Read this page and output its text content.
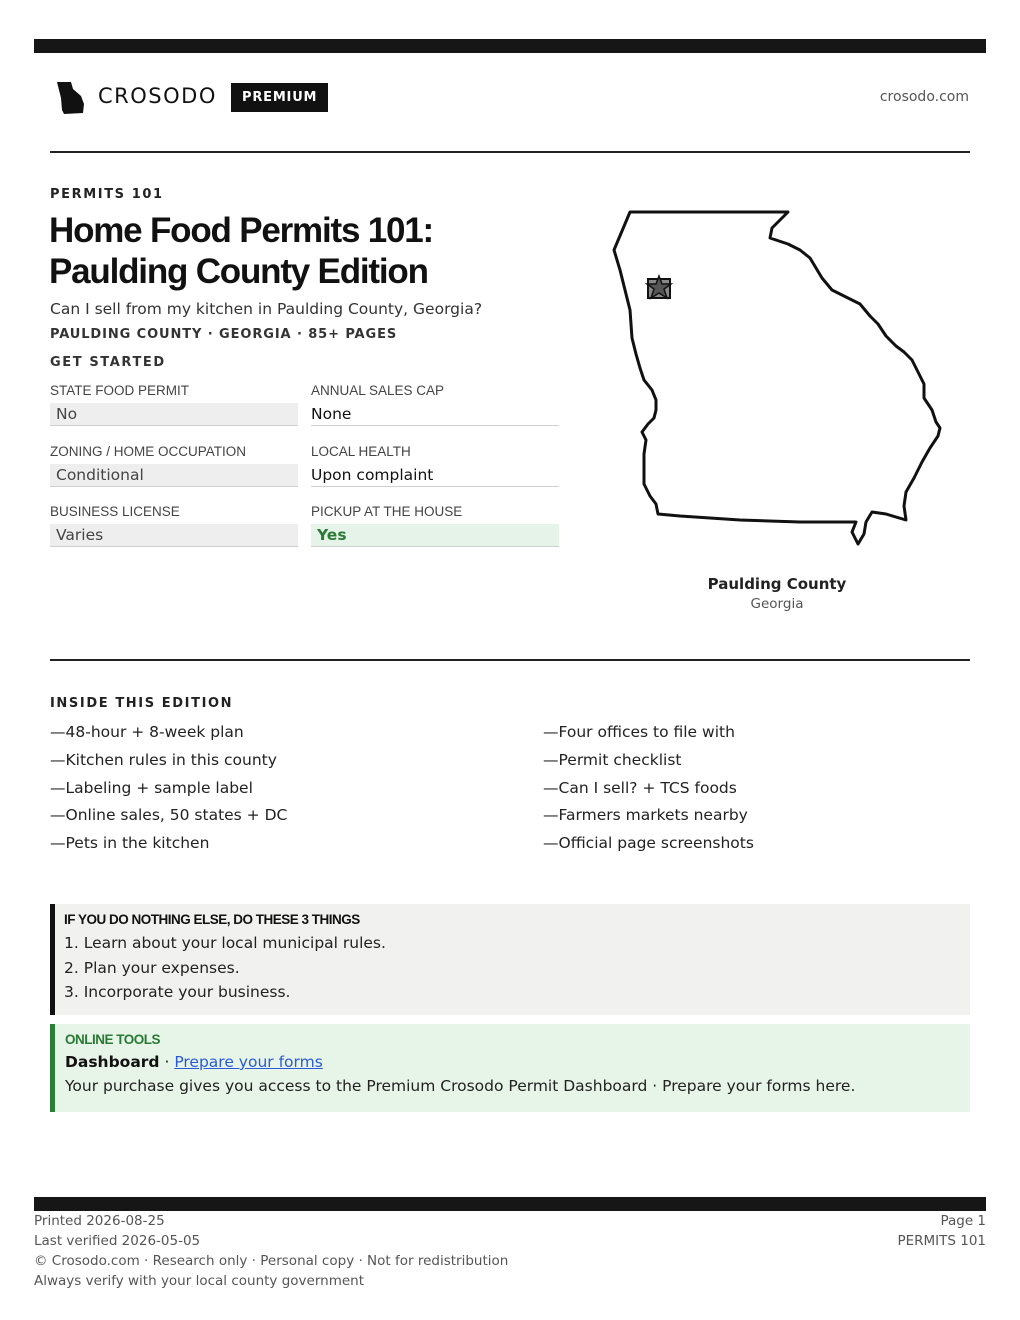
CROSODO	PREMIUM	crosodo.com
PERMITS 101
Home Food Permits 101:
Paulding County Edition
Can I sell from my kitchen in Paulding County, Georgia?
PAULDING COUNTY · GEORGIA · 85+ PAGES
GET STARTED
STATE FOOD PERMIT
No
ANNUAL SALES CAP
None
ZONING / HOME OCCUPATION
Conditional
LOCAL HEALTH
Upon complaint
BUSINESS LICENSE
Varies
PICKUP AT THE HOUSE
Yes
Paulding County
Georgia
INSIDE THIS EDITION
—48-hour + 8-week plan
—Kitchen rules in this county
—Labeling + sample label
—Online sales, 50 states + DC
—Pets in the kitchen
—Four offices to file with
—Permit checklist
—Can I sell? + TCS foods
—Farmers markets nearby
—Official page screenshots
IF YOU DO NOTHING ELSE, DO THESE 3 THINGS
1. Learn about your local municipal rules.
2. Plan your expenses.
3. Incorporate your business.
ONLINE TOOLS
Dashboard · Prepare your forms
Your purchase gives you access to the Premium Crosodo Permit Dashboard · Prepare your forms here.
Printed 2026-08-25
Last verified 2026-05-05
© Crosodo.com · Research only · Personal copy · Not for redistribution
Always verify with your local county government
Page 1
PERMITS 101
